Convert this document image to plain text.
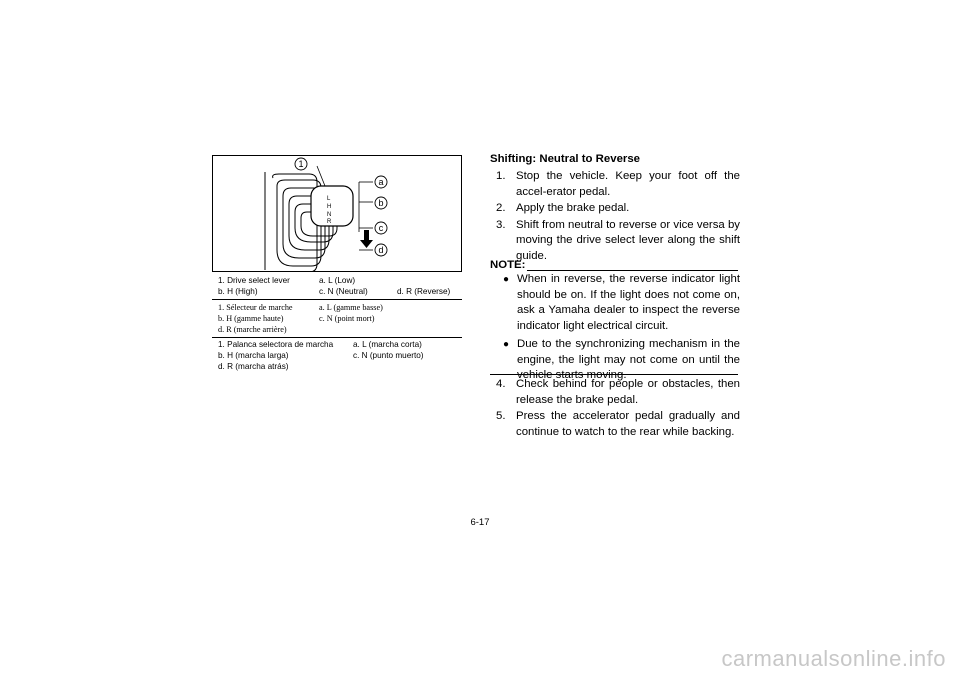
L
H
N
R
1
a
b
c
d
1. Drive select lever	a. L (Low)
b. H (High)	c. N (Neutral)	d. R (Reverse)
1. Sélecteur de marche	a. L (gamme basse)
b. H (gamme haute)	c. N (point mort)
d. R (marche arrière)
1. Palanca selectora de marcha a. L (marcha corta)
b. H (marcha larga)	c. N (punto muerto)
d. R (marcha atrás)
Shifting: Neutral to Reverse
1. Stop the vehicle. Keep your foot off the accel-erator pedal.
2. Apply the brake pedal.
3. Shift from neutral to reverse or vice versa by moving the drive select lever along the shift guide.
NOTE:
● When in reverse, the reverse indicator light should be on. If the light does not come on, ask a Yamaha dealer to inspect the reverse indicator light electrical circuit.
● Due to the synchronizing mechanism in the engine, the light may not come on until the vehicle starts moving.
4. Check behind for people or obstacles, then release the brake pedal.
5. Press the accelerator pedal gradually and continue to watch to the rear while backing.
6-17
carmanualsonline.info
